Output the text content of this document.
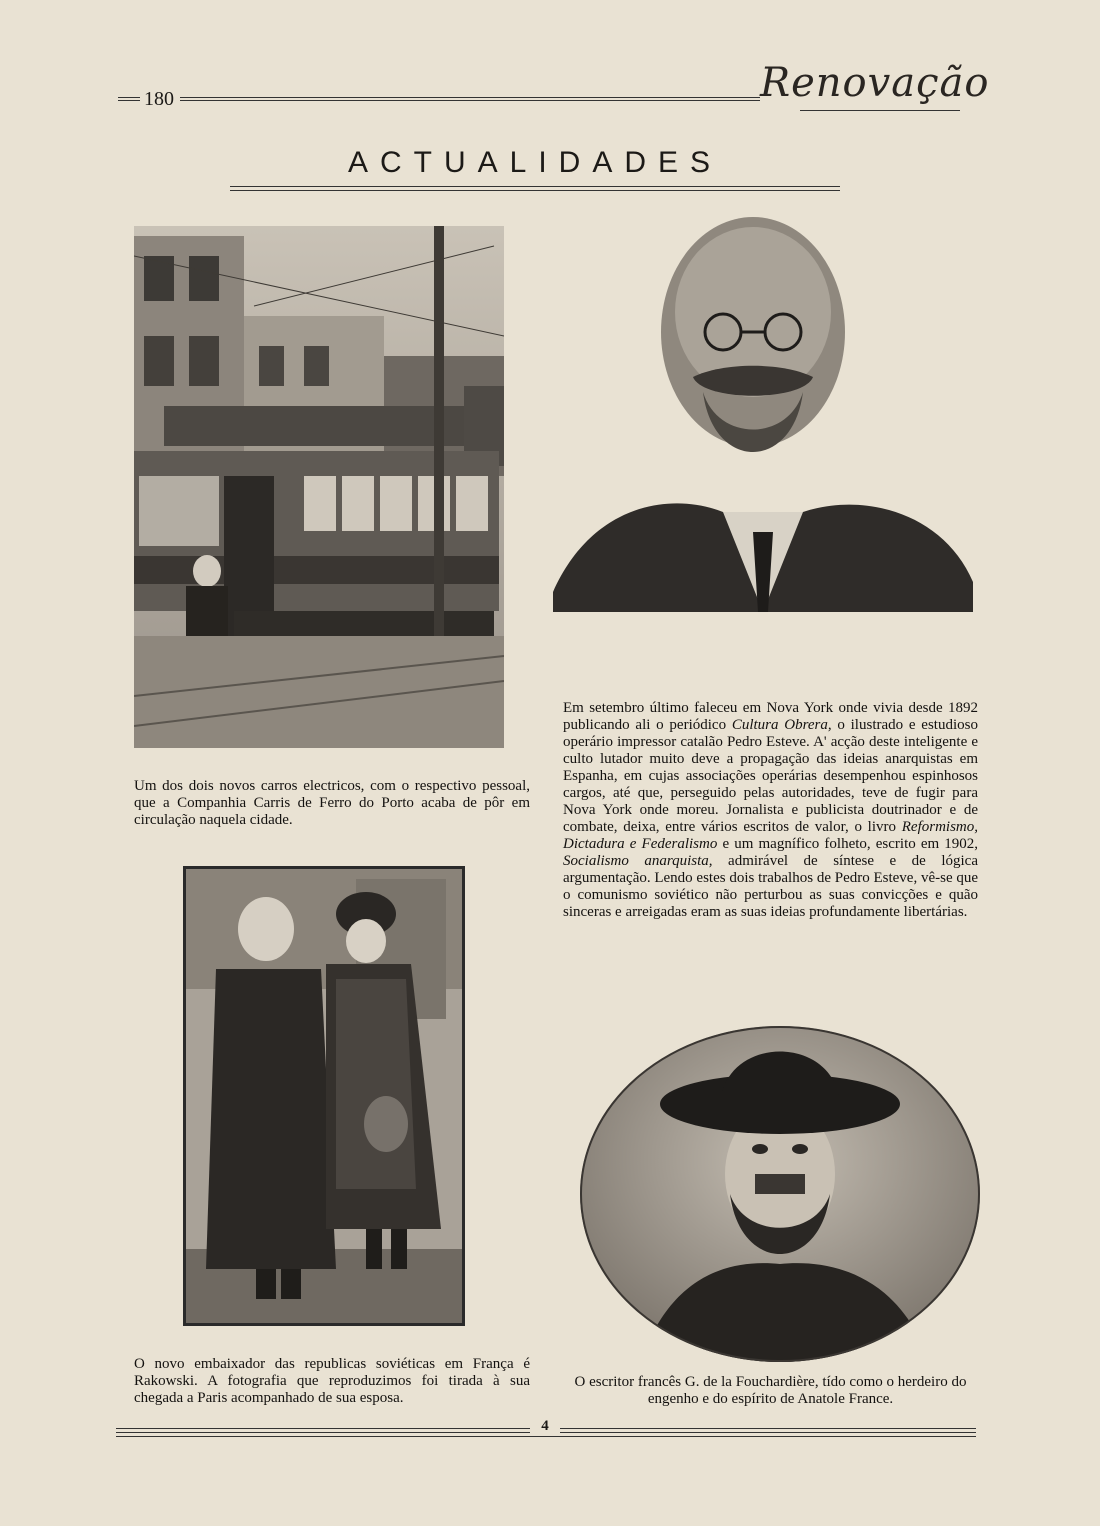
180	Renovação
ACTUALIDADES
Um dos dois novos carros electricos, com o respectivo pessoal, que a Companhia Carris de Ferro do Porto acaba de pôr em circulação naquela cidade.
O novo embaixador das republicas soviéticas em França é Rakowski. A fotografia que reproduzimos foi tirada à sua chegada a Paris acompanhado de sua esposa.
Em setembro último faleceu em Nova York onde vivia desde 1892 publicando ali o periódico Cultura Obrera, o ilustrado e estudioso operário impressor catalão Pedro Esteve. A' acção deste inteligente e culto lutador muito deve a propagação das ideias anarquistas em Espanha, em cujas associações operárias desempenhou espinhosos cargos, até que, perseguido pelas autoridades, teve de fugir para Nova York onde moreu. Jornalista e publicista doutrinador e de combate, deixa, entre vários escritos de valor, o livro Reformismo, Dictadura e Federalismo e um magnífico folheto, escrito em 1902, Socialismo anarquista, admirável de síntese e de lógica argumentação. Lendo estes dois trabalhos de Pedro Esteve, vê-se que o comunismo soviético não perturbou as suas convicções e quão sinceras e arreigadas eram as suas ideias profundamente libertárias.
O escritor francês G. de la Fouchardière, tído como o herdeiro do engenho e do espírito de Anatole France.
4
